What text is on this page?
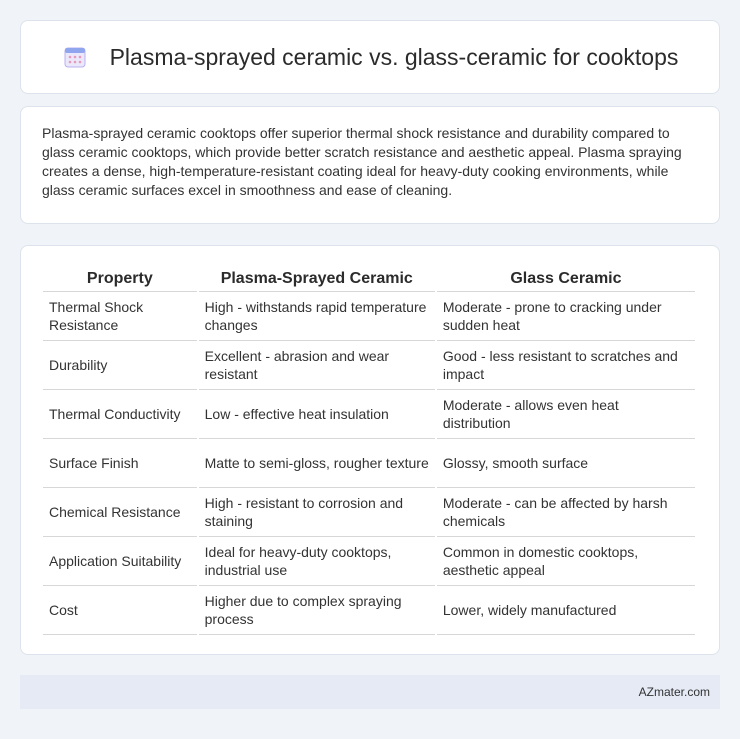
Plasma-sprayed ceramic vs. glass-ceramic for cooktops

Plasma-sprayed ceramic cooktops offer superior thermal shock resistance and durability compared to glass ceramic cooktops, which provide better scratch resistance and aesthetic appeal. Plasma spraying creates a dense, high-temperature-resistant coating ideal for heavy-duty cooking environments, while glass ceramic surfaces excel in smoothness and ease of cleaning.

Property	Plasma-Sprayed Ceramic	Glass Ceramic
Thermal Shock Resistance	High - withstands rapid temperature changes	Moderate - prone to cracking under sudden heat
Durability	Excellent - abrasion and wear resistant	Good - less resistant to scratches and impact
Thermal Conductivity	Low - effective heat insulation	Moderate - allows even heat distribution
Surface Finish	Matte to semi-gloss, rougher texture	Glossy, smooth surface
Chemical Resistance	High - resistant to corrosion and staining	Moderate - can be affected by harsh chemicals
Application Suitability	Ideal for heavy-duty cooktops, industrial use	Common in domestic cooktops, aesthetic appeal
Cost	Higher due to complex spraying process	Lower, widely manufactured
AZmater.com
